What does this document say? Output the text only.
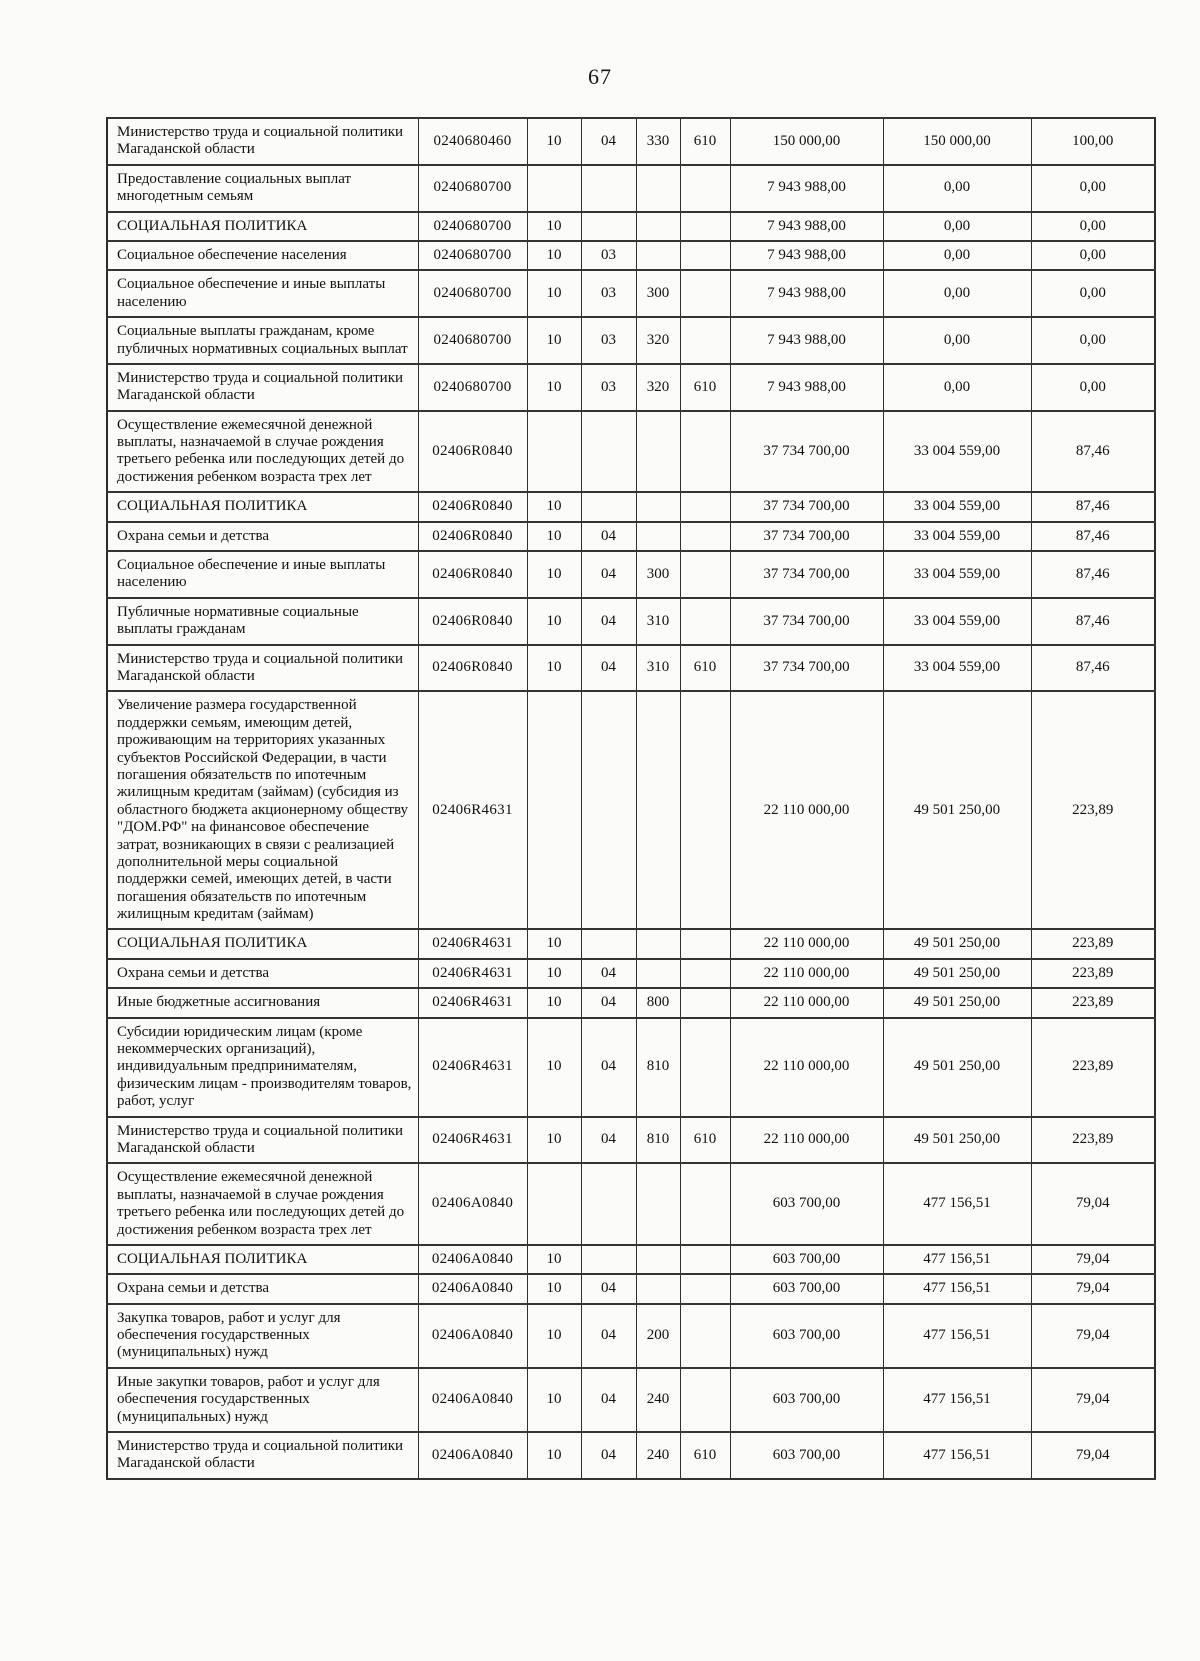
67
Министерство труда и социальной политики Магаданской области	0240680460	10	04	330	610	150 000,00	150 000,00	100,00
Предоставление социальных выплат многодетным семьям	0240680700					7 943 988,00	0,00	0,00
СОЦИАЛЬНАЯ ПОЛИТИКА	0240680700	10				7 943 988,00	0,00	0,00
Социальное обеспечение населения	0240680700	10	03			7 943 988,00	0,00	0,00
Социальное обеспечение и иные выплаты населению	0240680700	10	03	300		7 943 988,00	0,00	0,00
Социальные выплаты гражданам, кроме публичных нормативных социальных выплат	0240680700	10	03	320		7 943 988,00	0,00	0,00
Министерство труда и социальной политики Магаданской области	0240680700	10	03	320	610	7 943 988,00	0,00	0,00
Осуществление ежемесячной денежной выплаты, назначаемой в случае рождения третьего ребенка или последующих детей до достижения ребенком возраста трех лет	02406R0840					37 734 700,00	33 004 559,00	87,46
СОЦИАЛЬНАЯ ПОЛИТИКА	02406R0840	10				37 734 700,00	33 004 559,00	87,46
Охрана семьи и детства	02406R0840	10	04			37 734 700,00	33 004 559,00	87,46
Социальное обеспечение и иные выплаты населению	02406R0840	10	04	300		37 734 700,00	33 004 559,00	87,46
Публичные нормативные социальные выплаты гражданам	02406R0840	10	04	310		37 734 700,00	33 004 559,00	87,46
Министерство труда и социальной политики Магаданской области	02406R0840	10	04	310	610	37 734 700,00	33 004 559,00	87,46
Увеличение размера государственной поддержки семьям, имеющим детей, проживающим на территориях указанных субъектов Российской Федерации, в части погашения обязательств по ипотечным жилищным кредитам (займам) (субсидия из областного бюджета акционерному обществу "ДОМ.РФ" на финансовое обеспечение затрат, возникающих в связи с реализацией дополнительной меры социальной поддержки семей, имеющих детей, в части погашения обязательств по ипотечным жилищным кредитам (займам)	02406R4631					22 110 000,00	49 501 250,00	223,89
СОЦИАЛЬНАЯ ПОЛИТИКА	02406R4631	10				22 110 000,00	49 501 250,00	223,89
Охрана семьи и детства	02406R4631	10	04			22 110 000,00	49 501 250,00	223,89
Иные бюджетные ассигнования	02406R4631	10	04	800		22 110 000,00	49 501 250,00	223,89
Субсидии юридическим лицам (кроме некоммерческих организаций), индивидуальным предпринимателям, физическим лицам - производителям товаров, работ, услуг	02406R4631	10	04	810		22 110 000,00	49 501 250,00	223,89
Министерство труда и социальной политики Магаданской области	02406R4631	10	04	810	610	22 110 000,00	49 501 250,00	223,89
Осуществление ежемесячной денежной выплаты, назначаемой в случае рождения третьего ребенка или последующих детей до достижения ребенком возраста трех лет	02406A0840					603 700,00	477 156,51	79,04
СОЦИАЛЬНАЯ ПОЛИТИКА	02406A0840	10				603 700,00	477 156,51	79,04
Охрана семьи и детства	02406A0840	10	04			603 700,00	477 156,51	79,04
Закупка товаров, работ и услуг для обеспечения государственных (муниципальных) нужд	02406A0840	10	04	200		603 700,00	477 156,51	79,04
Иные закупки товаров, работ и услуг для обеспечения государственных (муниципальных) нужд	02406A0840	10	04	240		603 700,00	477 156,51	79,04
Министерство труда и социальной политики Магаданской области	02406A0840	10	04	240	610	603 700,00	477 156,51	79,04
